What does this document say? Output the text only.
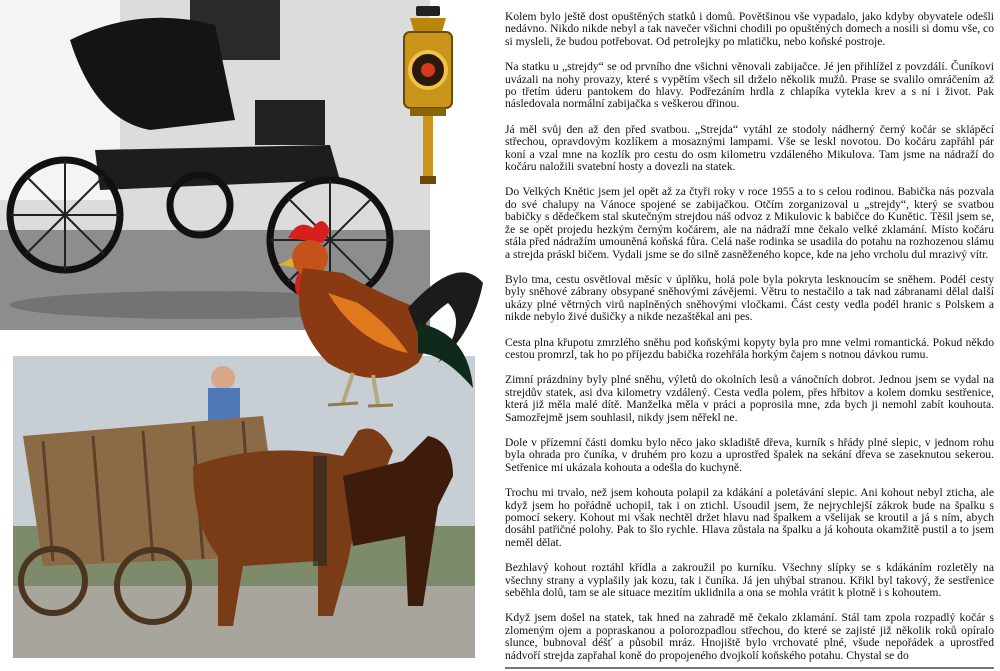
Kolem bylo ještě dost opuštěných statků i domů. Povětšinou vše vypadalo, jako kdyby obyvatele odešli nedávno. Nikdo nikde nebyl a tak navečer všichni chodili po opuštěných domech a nosili si domu vše, co si mysleli, že budou potřebovat. Od petrolejky po mlatičku, nebo koňské postroje.

Na statku u „strejdy“ se od prvního dne všichni věnovali zabijačce. Jé jen přihlížel z povzdálí. Čuníkovi uvázali na nohy provazy, které s vypětím všech sil drželo několik mužů. Prase se svalilo omráčením až po třetím úderu pantokem do hlavy. Podřezáním hrdla z chlapíka vytekla krev a s ní i život. Pak následovala normální zabijačka s veškerou dřinou.

Já měl svůj den až den před svatbou. „Strejda“ vytáhl ze stodoly nádherný černý kočár se sklápěcí střechou, opravdovým kozlíkem a mosaznými lampami. Vše se leskl novotou. Do kočáru zapřáhl pár koní a vzal mne na kozlík pro cestu do osm kilometru vzdáleného Mikulova. Tam jsme na nádraží do kočáru naložili svatební hosty a dovezli na statek.

Do Velkých Knětic jsem jel opět až za čtyři roky v roce 1955 a to s celou rodinou. Babička nás pozvala do své chalupy na Vánoce spojené se zabijačkou. Otčím zorganizoval u „strejdy“, který se svatbou babičky s dědečkem stal skutečným strejdou náš odvoz z Mikulovic k babičce do Kunětic. Těšil jsem se, že se opět projedu hezkým černým kočárem, ale na nádraží mne čekalo velké zklamání. Místo kočáru stála před nádražím umouněná koňská fůra. Celá naše rodinka se usadila do potahu na rozhozenou slámu a strejda práskl bičem. Vydali jsme se do silně zasněženého kopce, kde na jeho vrcholu dul mrazivý vítr.

Bylo tma, cestu osvětloval měsíc v úplňku, holá pole byla pokryta lesknoucím se sněhem. Podél cesty byly sněhové zábrany obsypané sněhovými závějemi. Větru to nestačilo a tak nad zábranami dělal další ukázy plné větrných virů naplněných sněhovými vločkami. Část cesty vedla podél hranic s Polskem a nikde nebylo živé dušičky a nikde nezaštěkal ani pes.

Cesta plna křupotu zmrzlého sněhu pod koňskými kopyty byla pro mne velmi romantická. Pokud někdo cestou promrzl, tak ho po příjezdu babička rozehřála horkým čajem s notnou dávkou rumu.

Zimní prázdniny byly plné sněhu, výletů do okolních lesů a vánočních dobrot. Jednou jsem se vydal na strejdův statek, asi dva kilometry vzdálený. Cesta vedla polem, přes hřbitov a kolem domku sestřenice, která již měla malé dítě. Manželka měla v práci a poprosila mne, zda bych ji nemohl zabít kouhouta. Samozřejmě jsem souhlasil, nikdy jsem něřekl ne.

Dole v přízemní části domku bylo něco jako skladiště dřeva, kurník s hřády plné slepic, v jednom rohu byla ohrada pro čuníka, v druhém pro kozu a uprostřed špalek na sekání dřeva se zaseknutou sekerou. Setřenice mi ukázala kohouta a odešla do kuchyně.

Trochu mi trvalo, než jsem kohouta polapil za kdákání a poletávání slepic. Ani kohout nebyl zticha, ale když jsem ho pořádně uchopil, tak i on ztichl. Usoudil jsem, že nejrychlejší zákrok bude na špalku s pomocí sekery. Kohout mi však nechtěl držet hlavu nad špalkem a všelijak se kroutil a já s ním, abych dosáhl patřičné polohy. Pak to šlo rychle. Hlava zůstala na špalku a já kohouta okamžitě pustil a to jsem neměl dělat.

Bezhlavý kohout roztáhl křídla a zakroužil po kurníku. Všechny slípky se s kdákáním rozletěly na všechny strany a vyplašily jak kozu, tak i čuníka. Já jen uhýbal stranou. Křikl byl takový, že sestřenice seběhla dolů, tam se ale situace mezitím uklidnila a ona se mohla vrátit k plotně i s kohoutem.

Když jsem došel na statek, tak hned na zahradě mě čekalo zklamání. Stál tam zpola rozpadlý kočár s zlomeným ojem a popraskanou a polorozpadlou střechou, do které se zajisté již několik roků opíralo slunce, bubnoval déšť a působil mráz. Hnojiště bylo vrchovaté plné, všude nepořádek a uprostřed nádvoří strejda zapřahal koně do propojeného dvojkolí koňského potahu. Chystal se do
